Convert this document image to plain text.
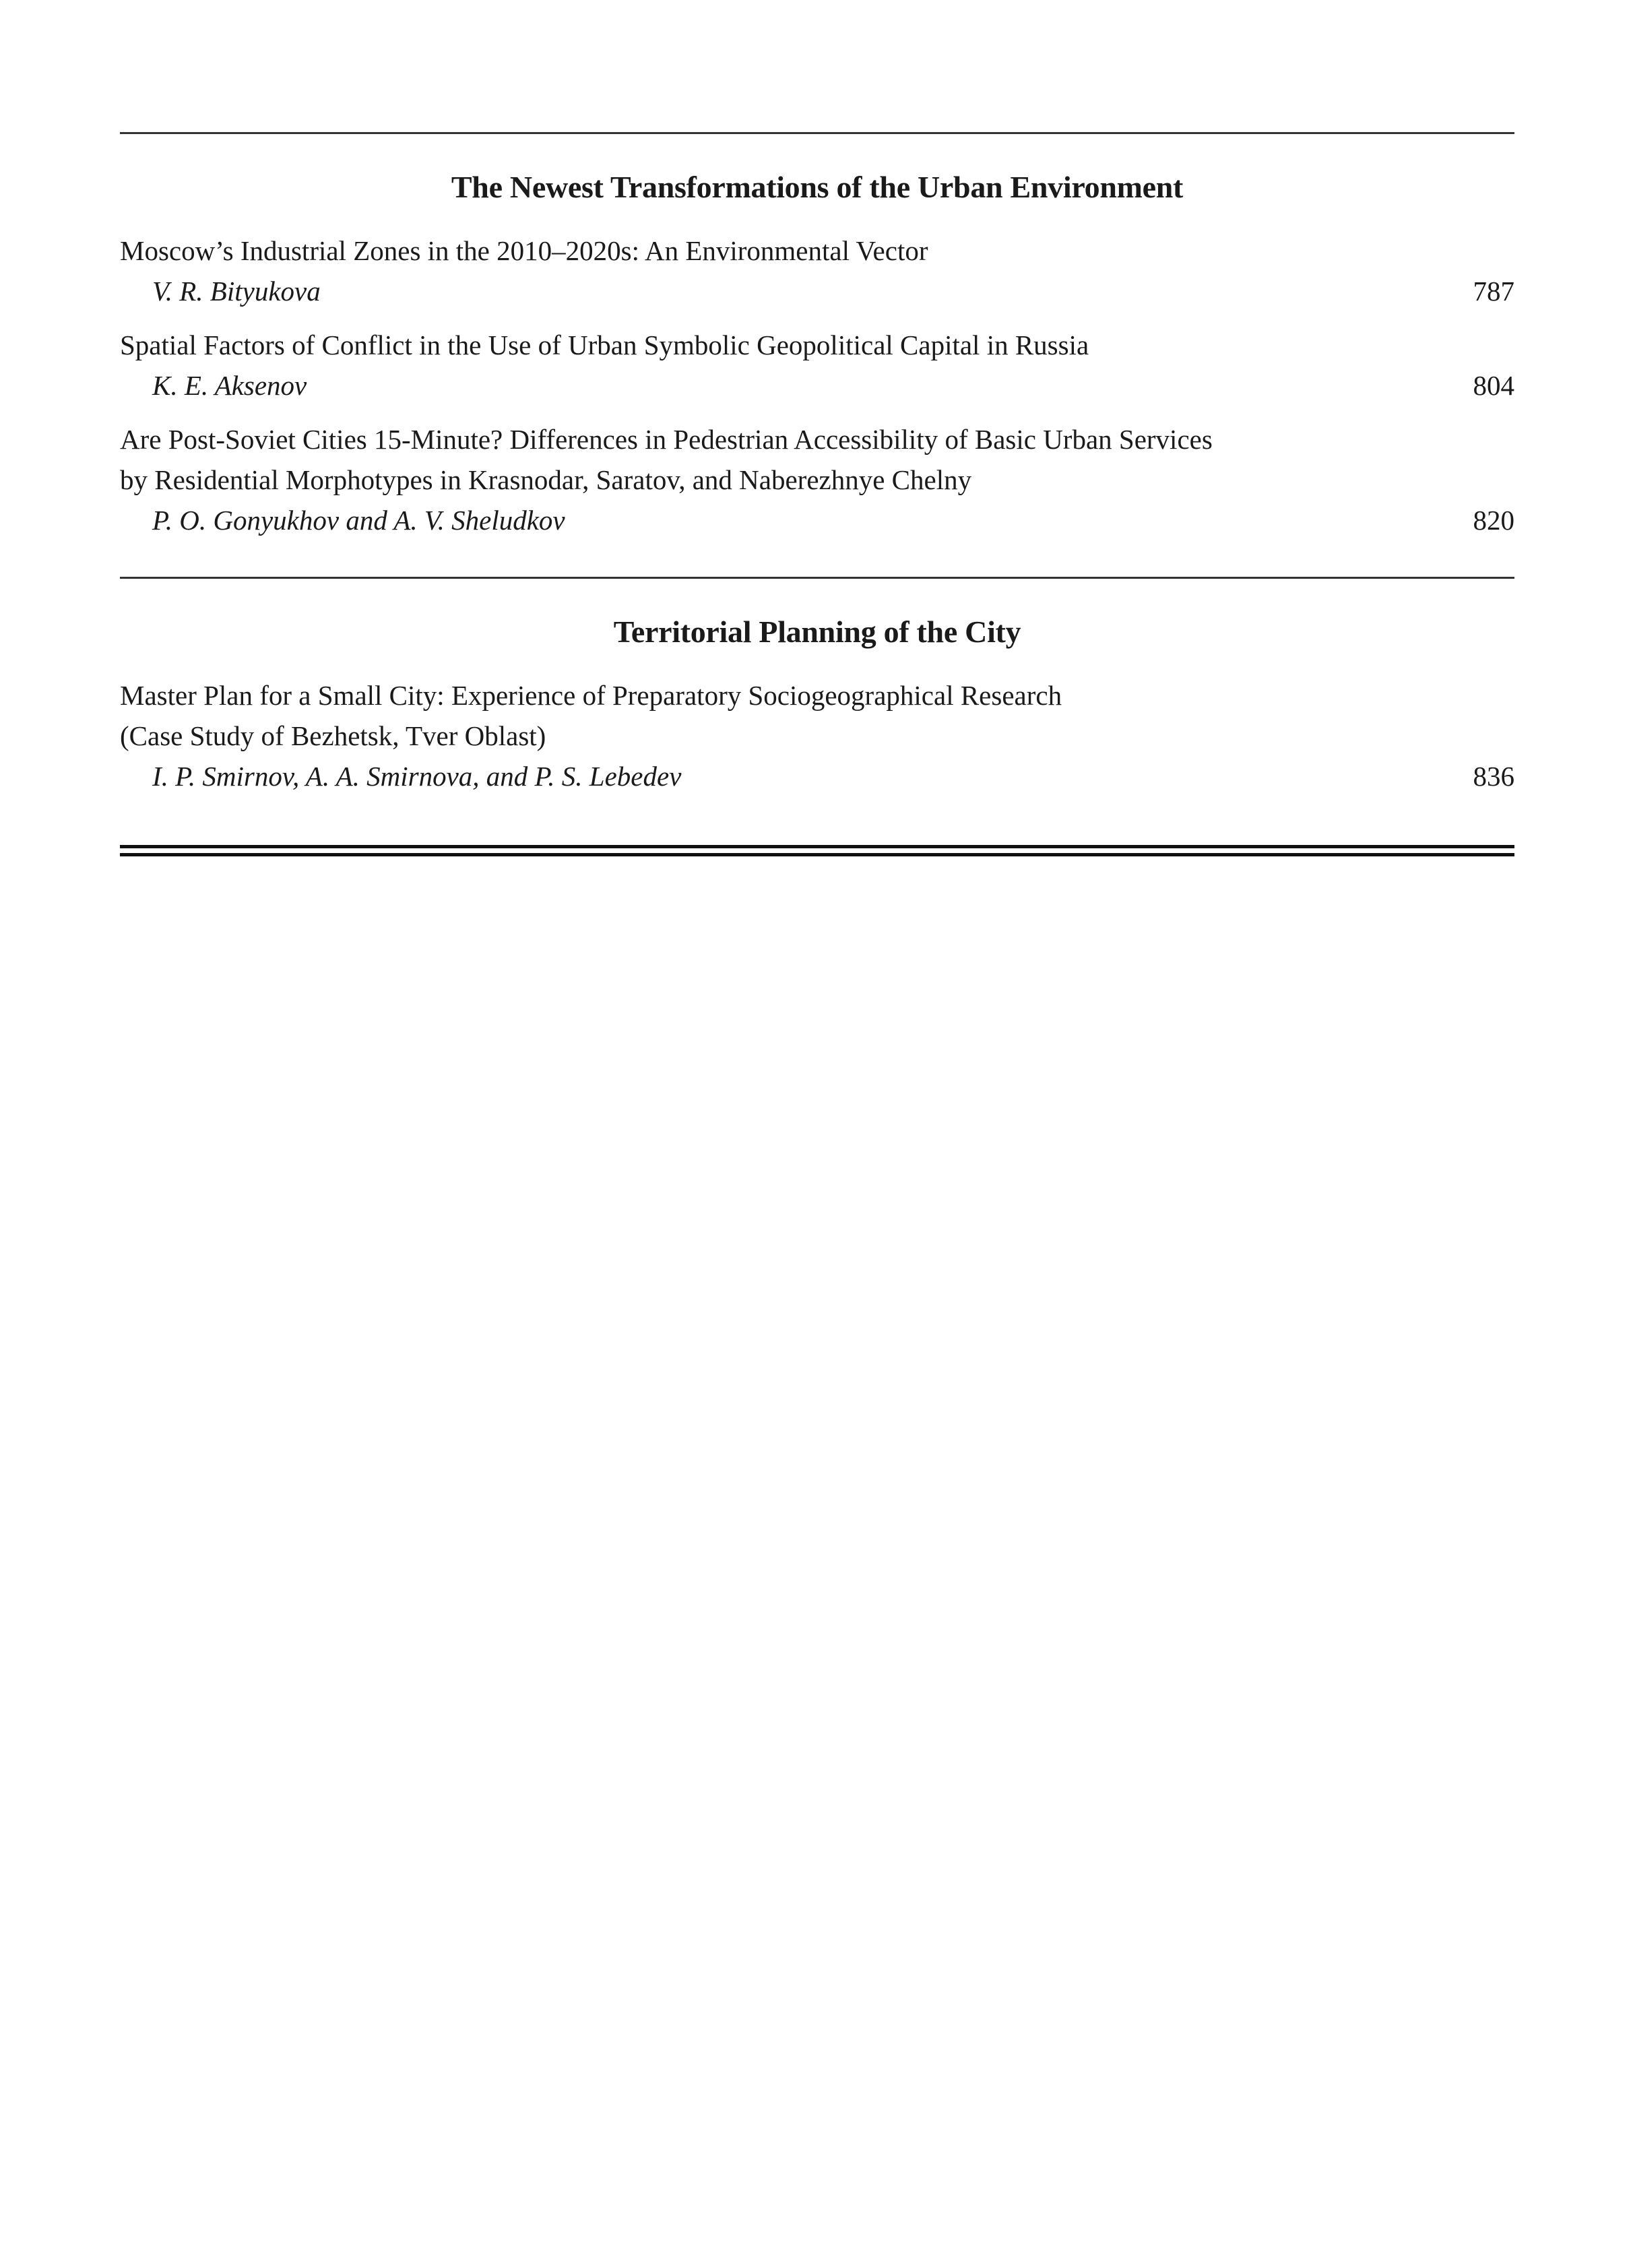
The Newest Transformations of the Urban Environment
Moscow’s Industrial Zones in the 2010–2020s: An Environmental Vector
V. R. Bityukova	787
Spatial Factors of Conflict in the Use of Urban Symbolic Geopolitical Capital in Russia
K. E. Aksenov	804
Are Post-Soviet Cities 15-Minute? Differences in Pedestrian Accessibility of Basic Urban Services
by Residential Morphotypes in Krasnodar, Saratov, and Naberezhnye Chelny
P. O. Gonyukhov and A. V. Sheludkov	820
Territorial Planning of the City
Master Plan for a Small City: Experience of Preparatory Sociogeographical Research
(Case Study of Bezhetsk, Tver Oblast)
I. P. Smirnov, A. A. Smirnova, and P. S. Lebedev	836
